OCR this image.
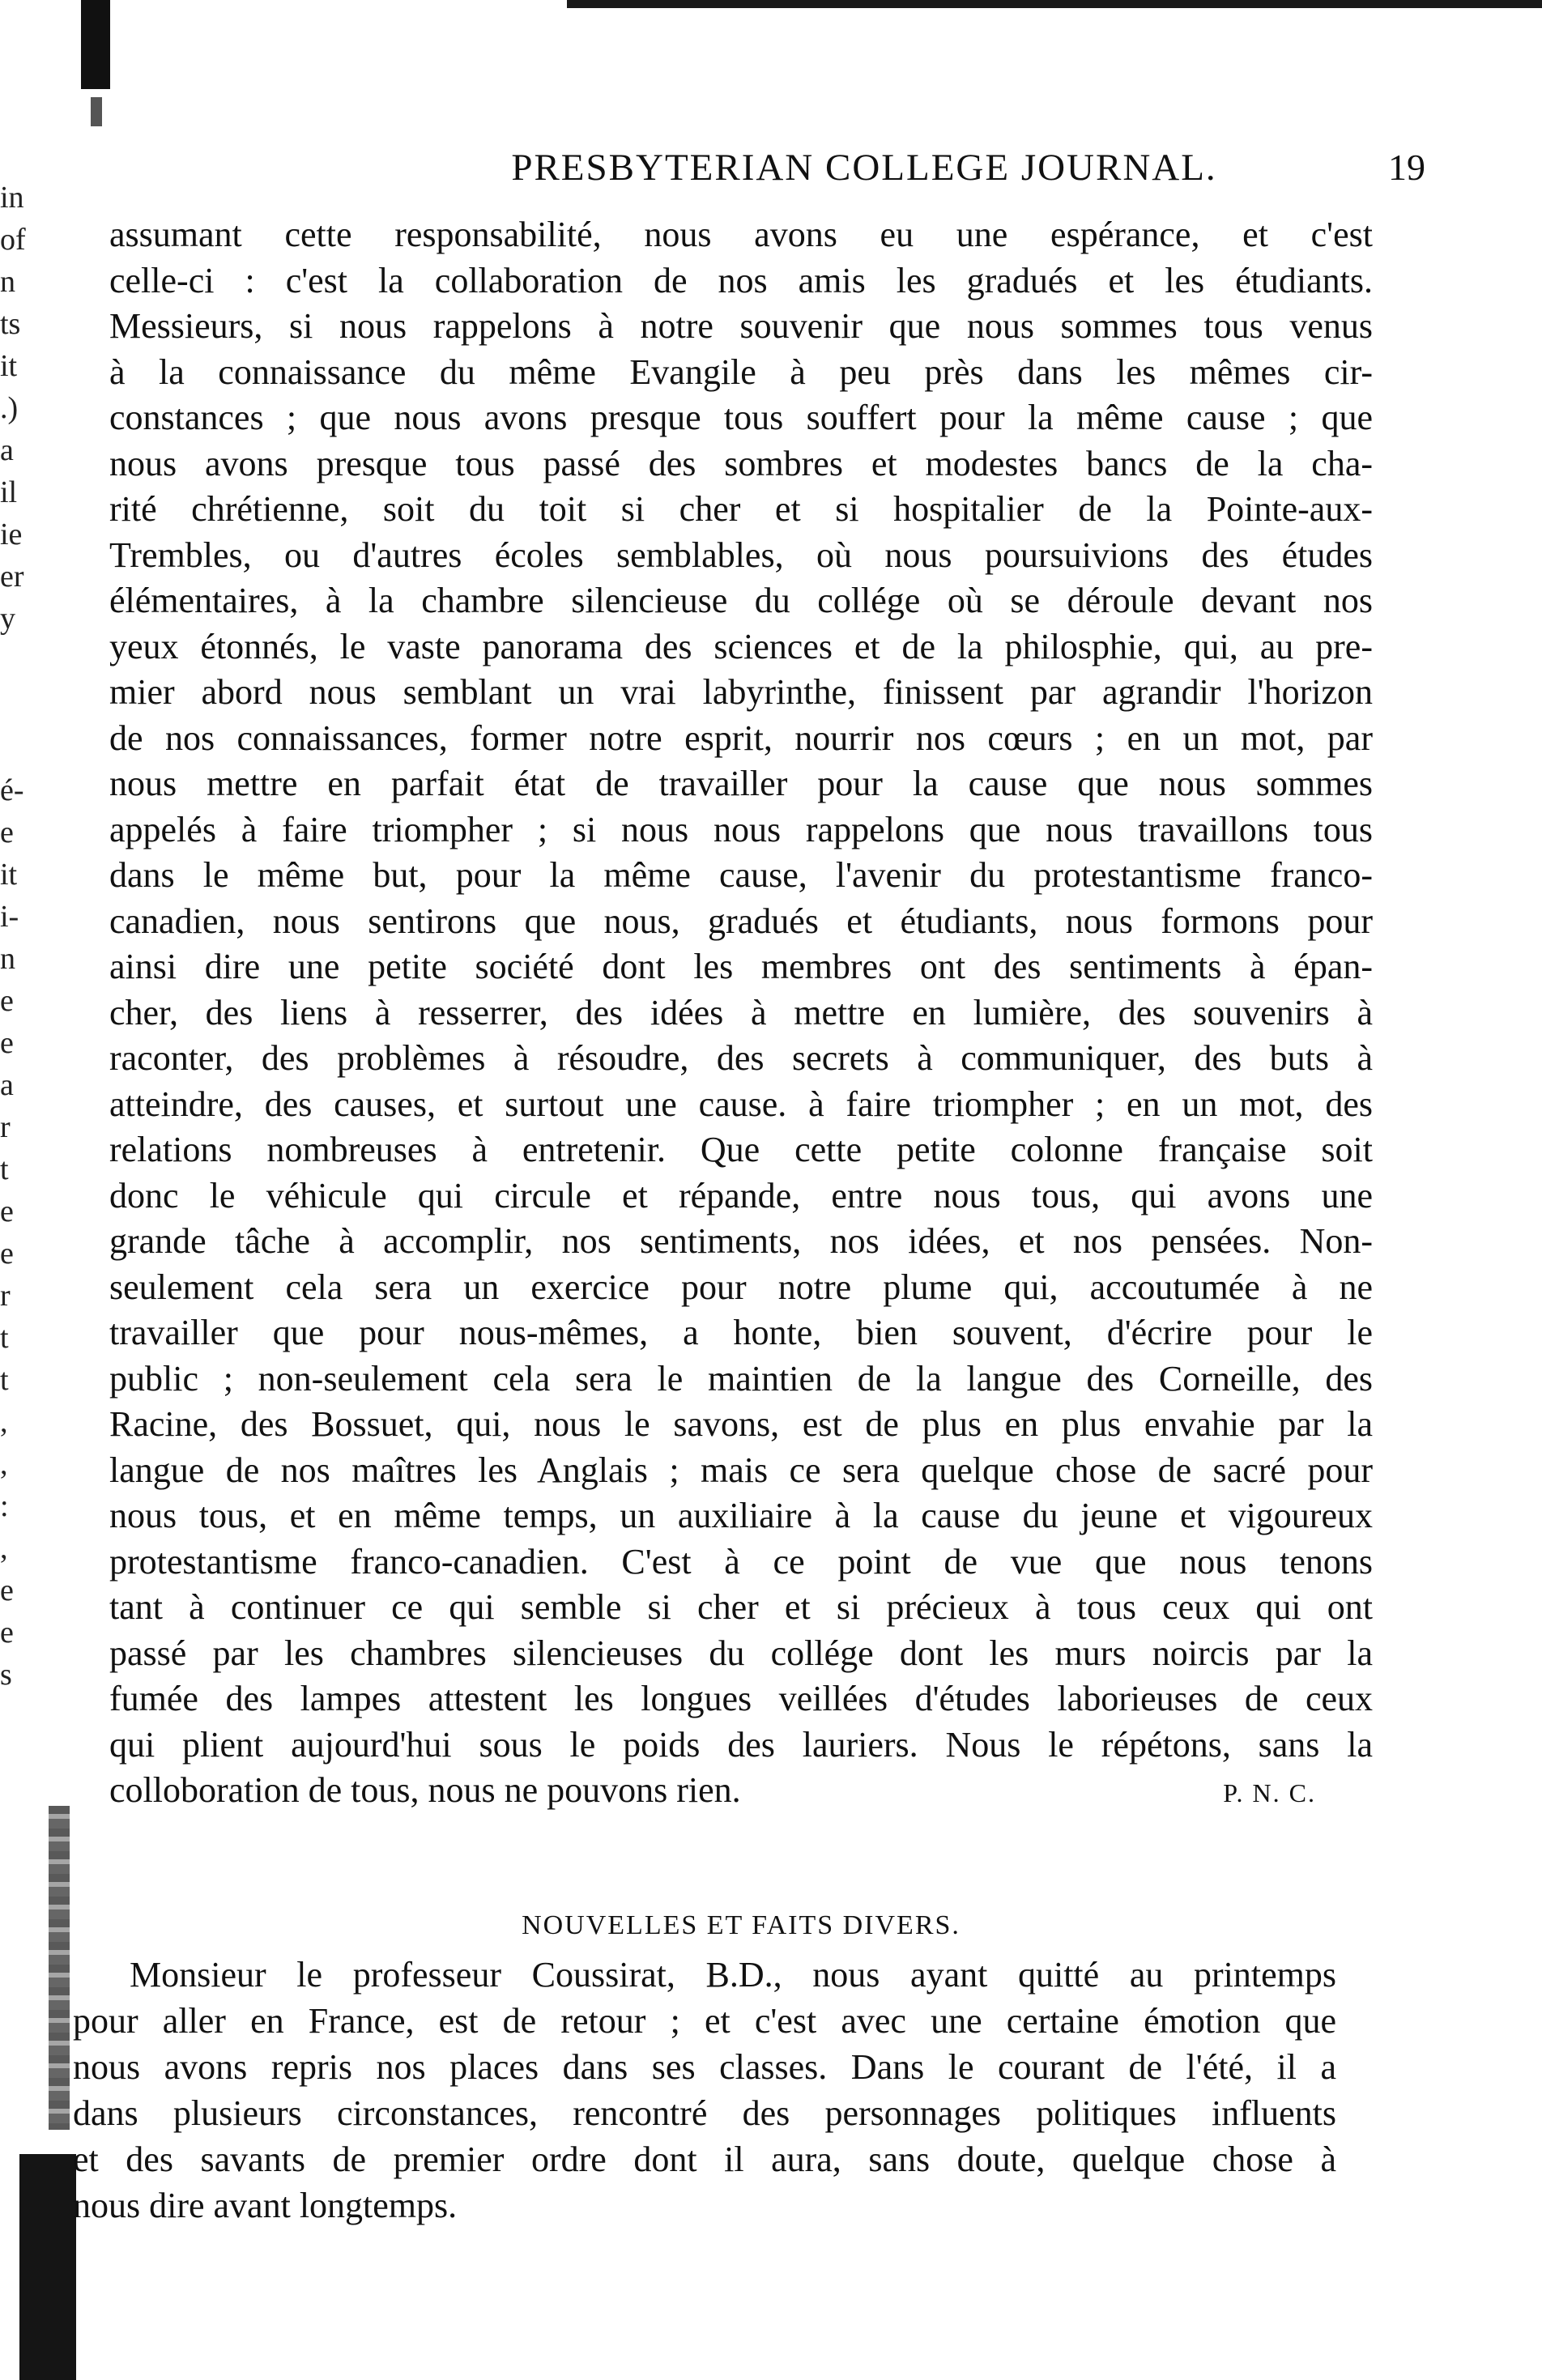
in
of
n
ts
it
.)
a
il
ie
er
y
é-
e
it
i-
n
e
e
a
r
t
e
e
r
t
t
,
,
:
,
e
e
s
PRESBYTERIAN COLLEGE JOURNAL.	19
assumant cette responsabilité, nous avons eu une espérance, et c'est
celle-ci : c'est la collaboration de nos amis les gradués et les étudiants.
Messieurs, si nous rappelons à notre souvenir que nous sommes tous venus
à la connaissance du même Evangile à peu près dans les mêmes cir-
constances ; que nous avons presque tous souffert pour la même cause ; que
nous avons presque tous passé des sombres et modestes bancs de la cha-
rité chrétienne, soit du toit si cher et si hospitalier de la Pointe-aux-
Trembles, ou d'autres écoles semblables, où nous poursuivions des études
élémentaires, à la chambre silencieuse du collége où se déroule devant nos
yeux étonnés, le vaste panorama des sciences et de la philosphie, qui, au pre-
mier abord nous semblant un vrai labyrinthe, finissent par agrandir l'horizon
de nos connaissances, former notre esprit, nourrir nos cœurs ; en un mot, par
nous mettre en parfait état de travailler pour la cause que nous sommes
appelés à faire triompher ; si nous nous rappelons que nous travaillons tous
dans le même but, pour la même cause, l'avenir du protestantisme franco-
canadien, nous sentirons que nous, gradués et étudiants, nous formons pour
ainsi dire une petite société dont les membres ont des sentiments à épan-
cher, des liens à resserrer, des idées à mettre en lumière, des souvenirs à
raconter, des problèmes à résoudre, des secrets à communiquer, des buts à
atteindre, des causes, et surtout une cause. à faire triompher ; en un mot, des
relations nombreuses à entretenir. Que cette petite colonne française soit
donc le véhicule qui circule et répande, entre nous tous, qui avons une
grande tâche à accomplir, nos sentiments, nos idées, et nos pensées. Non-
seulement cela sera un exercice pour notre plume qui, accoutumée à ne
travailler que pour nous-mêmes, a honte, bien souvent, d'écrire pour le
public ; non-seulement cela sera le maintien de la langue des Corneille, des
Racine, des Bossuet, qui, nous le savons, est de plus en plus envahie par la
langue de nos maîtres les Anglais ; mais ce sera quelque chose de sacré pour
nous tous, et en même temps, un auxiliaire à la cause du jeune et vigoureux
protestantisme franco-canadien. C'est à ce point de vue que nous tenons
tant à continuer ce qui semble si cher et si précieux à tous ceux qui ont
passé par les chambres silencieuses du collége dont les murs noircis par la
fumée des lampes attestent les longues veillées d'études laborieuses de ceux
qui plient aujourd'hui sous le poids des lauriers. Nous le répétons, sans la
colloboration de tous, nous ne pouvons rien.	P. N. C.
NOUVELLES ET FAITS DIVERS.
Monsieur le professeur Coussirat, B.D., nous ayant quitté au printemps
pour aller en France, est de retour ; et c'est avec une certaine émotion que
nous avons repris nos places dans ses classes. Dans le courant de l'été, il a
dans plusieurs circonstances, rencontré des personnages politiques influents
et des savants de premier ordre dont il aura, sans doute, quelque chose à
nous dire avant longtemps.
